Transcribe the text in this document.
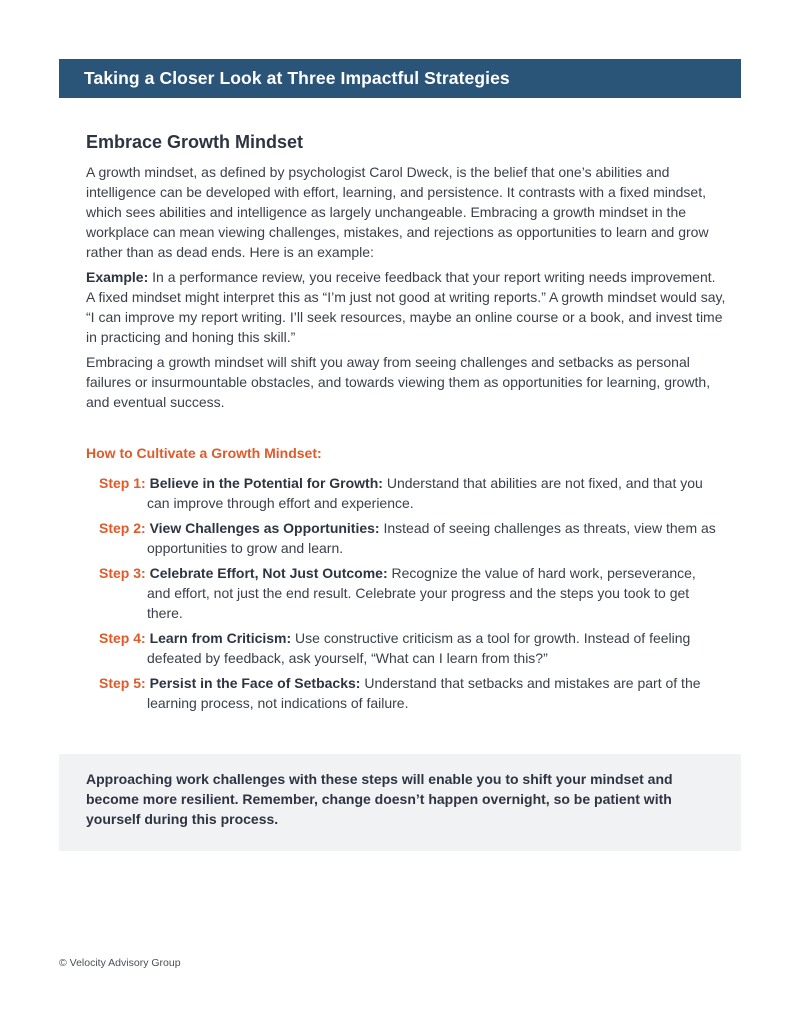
Taking a Closer Look at Three Impactful Strategies
Embrace Growth Mindset

A growth mindset, as defined by psychologist Carol Dweck, is the belief that one’s abilities and intelligence can be developed with effort, learning, and persistence. It contrasts with a fixed mindset, which sees abilities and intelligence as largely unchangeable. Embracing a growth mindset in the workplace can mean viewing challenges, mistakes, and rejections as opportunities to learn and grow rather than as dead ends. Here is an example:

Example: In a performance review, you receive feedback that your report writing needs improvement. A fixed mindset might interpret this as “I’m just not good at writing reports.” A growth mindset would say, “I can improve my report writing. I’ll seek resources, maybe an online course or a book, and invest time in practicing and honing this skill.”

Embracing a growth mindset will shift you away from seeing challenges and setbacks as personal failures or insurmountable obstacles, and towards viewing them as opportunities for learning, growth, and eventual success.

How to Cultivate a Growth Mindset:
Step 1: Believe in the Potential for Growth: Understand that abilities are not fixed, and that you can improve through effort and experience.
Step 2: View Challenges as Opportunities: Instead of seeing challenges as threats, view them as opportunities to grow and learn.
Step 3: Celebrate Effort, Not Just Outcome: Recognize the value of hard work, perseverance, and effort, not just the end result. Celebrate your progress and the steps you took to get there.
Step 4: Learn from Criticism: Use constructive criticism as a tool for growth. Instead of feeling defeated by feedback, ask yourself, “What can I learn from this?”
Step 5: Persist in the Face of Setbacks: Understand that setbacks and mistakes are part of the learning process, not indications of failure.
Approaching work challenges with these steps will enable you to shift your mindset and become more resilient. Remember, change doesn’t happen overnight, so be patient with yourself during this process.
© Velocity Advisory Group
